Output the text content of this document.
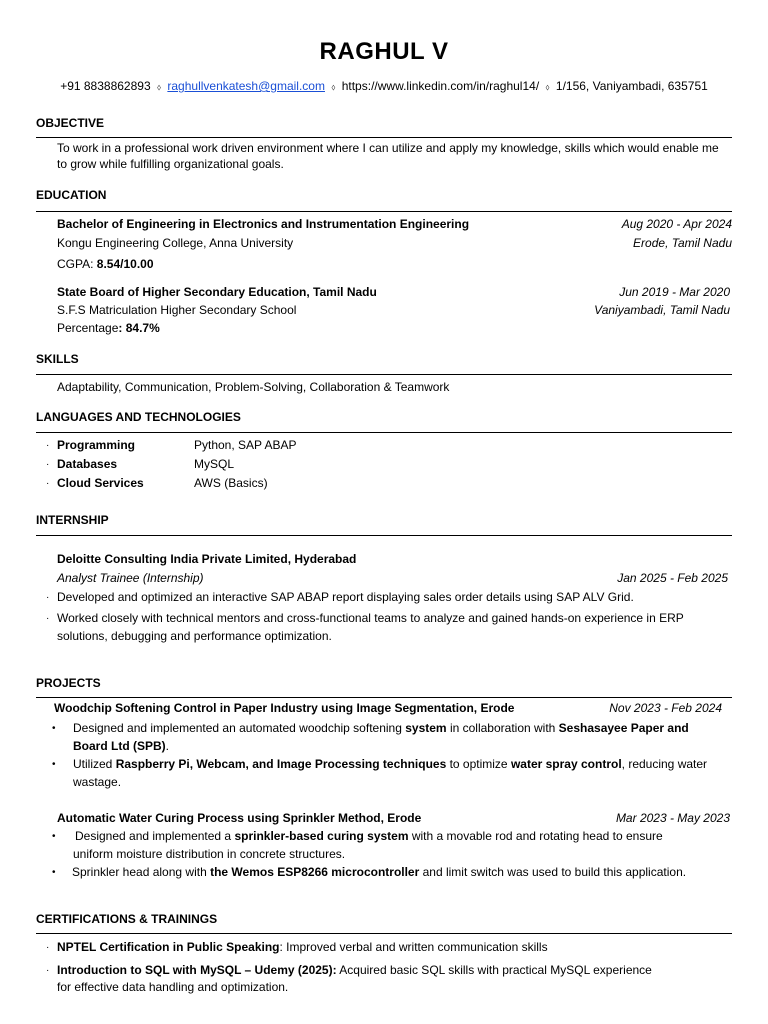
RAGHUL V
+91 8838862893 ⬨ raghullvenkatesh@gmail.com ⬨ https://www.linkedin.com/in/raghul14/ ⬨ 1/156, Vaniyambadi, 635751
OBJECTIVE
To work in a professional work driven environment where I can utilize and apply my knowledge, skills which would enable me
to grow while fulfilling organizational goals.
EDUCATION
Bachelor of Engineering in Electronics and Instrumentation Engineering	Aug 2020 - Apr 2024
Kongu Engineering College, Anna University	Erode, Tamil Nadu
CGPA: 8.54/10.00
State Board of Higher Secondary Education, Tamil Nadu	Jun 2019 - Mar 2020
S.F.S Matriculation Higher Secondary School	Vaniyambadi, Tamil Nadu
Percentage: 84.7%
SKILLS
Adaptability, Communication, Problem-Solving, Collaboration & Teamwork
LANGUAGES AND TECHNOLOGIES
· Programming	Python, SAP ABAP
· Databases	MySQL
· Cloud Services	AWS (Basics)
INTERNSHIP
Deloitte Consulting India Private Limited, Hyderabad
Analyst Trainee (Internship)	Jan 2025 - Feb 2025
· Developed and optimized an interactive SAP ABAP report displaying sales order details using SAP ALV Grid.
· Worked closely with technical mentors and cross-functional teams to analyze and gained hands-on experience in ERP
solutions, debugging and performance optimization.
PROJECTS
Woodchip Softening Control in Paper Industry using Image Segmentation, Erode	Nov 2023 - Feb 2024
• Designed and implemented an automated woodchip softening system in collaboration with Seshasayee Paper and
Board Ltd (SPB).
• Utilized Raspberry Pi, Webcam, and Image Processing techniques to optimize water spray control, reducing water
wastage.
Automatic Water Curing Process using Sprinkler Method, Erode	Mar 2023 - May 2023
• Designed and implemented a sprinkler-based curing system with a movable rod and rotating head to ensure
uniform moisture distribution in concrete structures.
• Sprinkler head along with the Wemos ESP8266 microcontroller and limit switch was used to build this application.
CERTIFICATIONS & TRAININGS
· NPTEL Certification in Public Speaking: Improved verbal and written communication skills
· Introduction to SQL with MySQL – Udemy (2025): Acquired basic SQL skills with practical MySQL experience
for effective data handling and optimization.
